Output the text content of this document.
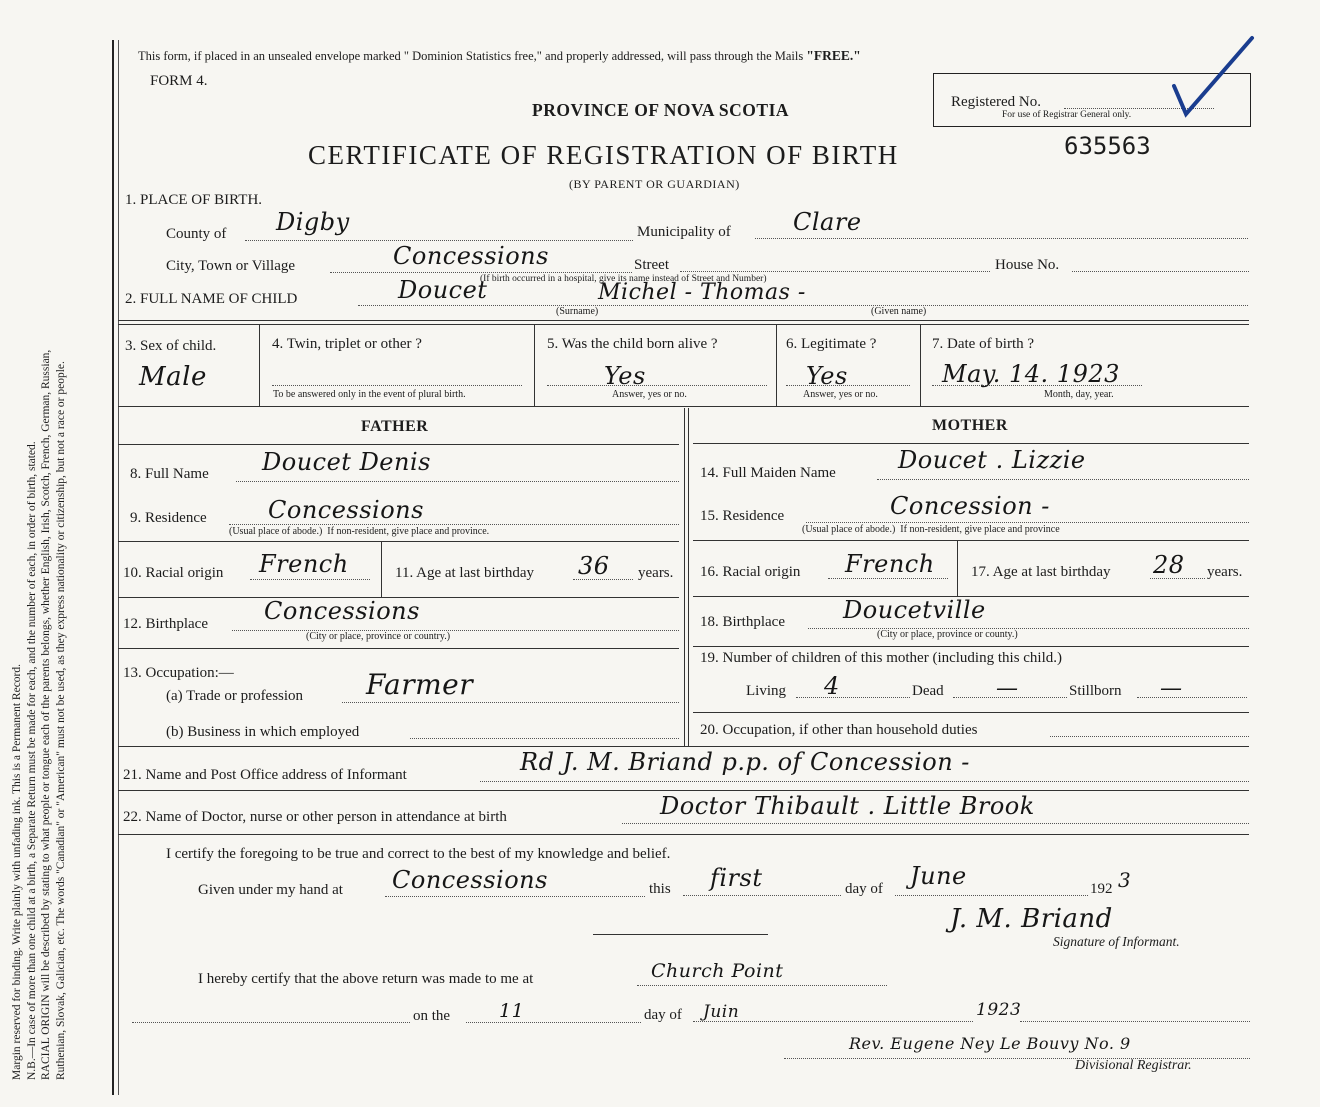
Margin reserved for binding. Write plainly with unfading ink. This is a Permanent Record. N.B.—In case of more than one child at a birth, a Separate Return must be made for each, and the number of each, in order of birth, stated. RACIAL ORIGIN will be described by stating to what people or tongue each of the parents belongs, whether English, Irish, Scotch, French, German, Russian, Ruthenian, Slovak, Galician, etc. The words "Canadian" or "American" must not be used, as they express nationality or citizenship, but not a race or people.
This form, if placed in an unsealed envelope marked " Dominion Statistics free," and properly addressed, will pass through the Mails "FREE."
FORM 4.
PROVINCE OF NOVA SCOTIA	Registered No.
For use of Registrar General only.
CERTIFICATE OF REGISTRATION OF BIRTH	635563
(BY PARENT OR GUARDIAN)
1. PLACE OF BIRTH.
County of Digby	Municipality of	Clare
City, Town or Village	Concessions	Street	House No.
(If birth occurred in a hospital, give its name instead of Street and Number)
2. FULL NAME OF CHILD	Doucet	Michel - Thomas -
(Surname)	(Given name)
3. Sex of child.
Male
4. Twin, triplet or other ?
To be answered only in the event of plural birth.
5. Was the child born alive ?
Yes
Answer, yes or no.
6. Legitimate ?
Yes
Answer, yes or no.
7. Date of birth ?
May. 14. 1923
Month, day, year.
FATHER	MOTHER
8. Full Name Doucet Denis
9. Residence	Concessions
(Usual place of abode.) If non-resident, give place and province.
10. Racial origin French	11. Age at last birthday 36 years.
12. Birthplace Concessions
(City or place, province or country.)
13. Occupation:—
(a) Trade or profession Farmer
(b) Business in which employed
14. Full Maiden Name	Doucet . Lizzie
15. Residence	Concession -
(Usual place of abode.) If non-resident, give place and province
16. Racial origin French 17. Age at last birthday 28 years.
18. Birthplace Doucetville
(City or place, province or county.)
19. Number of children of this mother (including this child.)
Living 4	Dead —	Stillborn —
20. Occupation, if other than household duties
21. Name and Post Office address of Informant	Rd J. M. Briand p.p. of Concession -
22. Name of Doctor, nurse or other person in attendance at birth	Doctor Thibault . Little Brook
I certify the foregoing to be true and correct to the best of my knowledge and belief.
Given under my hand at Concessions	this first	day of June	192 3
J. M. Briand
Signature of Informant.
I hereby certify that the above return was made to me at	Church Point
on the	11	day of Juin	1923
Rev. Eugene Ney Le Bouvy No. 9
Divisional Registrar.
